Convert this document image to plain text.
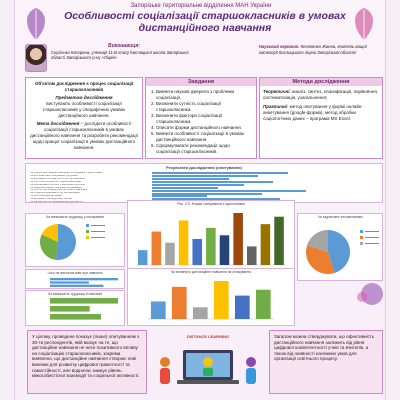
Запорізьке територіальне відділення МАН України
Особливості соціалізації старшокласників в умовах дистанційного навчання
Виконавиця:
Сергієнко Катерина, учениця 11-В класу Кислицької школи Запорізької області Запорізького р-ну «Ліцей»
Науковий керівник: Кочаненко Жанна, вчитель вищої категорії Кислицького ліцею Запорізької області
Об'єктом дослідження є процес соціалізації старшокласників
Предметом дослідження
виступають особливості соціалізації старшокласників у специфічних умовах дистанційного навчання.
Мета дослідження – дослідити особливості соціалізації старшокласників в умовах дистанційного навчання та розробити рекомендації щодо кращої соціалізації в умовах дистанційного навчання.
Завдання
1. Вивчити наукові джерела з проблеми соціалізації.
2. Визначити сутність соціалізації старшокласника.
3. Визначити фактори соціалізації старшокласника.
4. Описати форми дистанційного навчання.
5. Вивчити особливості соціалізації в умовах дистанційного навчання.
6. Сформулювати рекомендації щодо соціалізації старшокласників.
Методи дослідження

Теоретичні: аналіз, синтез, класифікація, порівняння, систематизація, узагальнення;

Практичні: метод опитування у формі онлайн-анкетування (google-форма), метод обробки соціологічних даних – програма MS Excel.

Результати дослідження (опитування)
Чи сприяє дистанційне навчання спілкуванню з однолітками
Чи вистачає вам спілкування з друзями
Чи відчуваєте ви самотність під час навчання
Як часто ви спілкуєтесь з однокласниками
Чи допомагають вчителі у вирішенні проблем
Чи змінилось ваше ставлення до навчання
Чи хотіли б ви повернутись до очного навчання
Які труднощі виникають під час навчання
Чи вистачає вам мотивації
Чи відчуваєте ви підтримку батьків
Чи займаєтесь ви позашкільною діяльністю
Чи виникають труднощі у спілкуванні
Рис. 2.5. Форми спілкування з однолітками
Чи задоволені ви навчанням
Чого не вистачає вам при навчанні
Чи виникають труднощі в навчанні
Чи вплинуло дистанційне навчання на спілкування
У цілому, проведене показує (лише) опитуванням з 30-ти респондентів, якій вказує на те, що дистанційне навчання не несе позитивного впливу на соціалізацію старшокласників, зокрема виявлено, що дистанційне навчання створює нові виклики для розвитку цифрової грамотності та самостійності, але водночас знижує рівень міжособистісної взаємодії та соціальної активності.
DISTANCE LEARNING	Загалом можна стверджувати, що ефективність дистанційного навчання залежить від рівня цифрової компетентності учнів та вчителів, а також від наявності належних умов для організації освітнього процесу.
